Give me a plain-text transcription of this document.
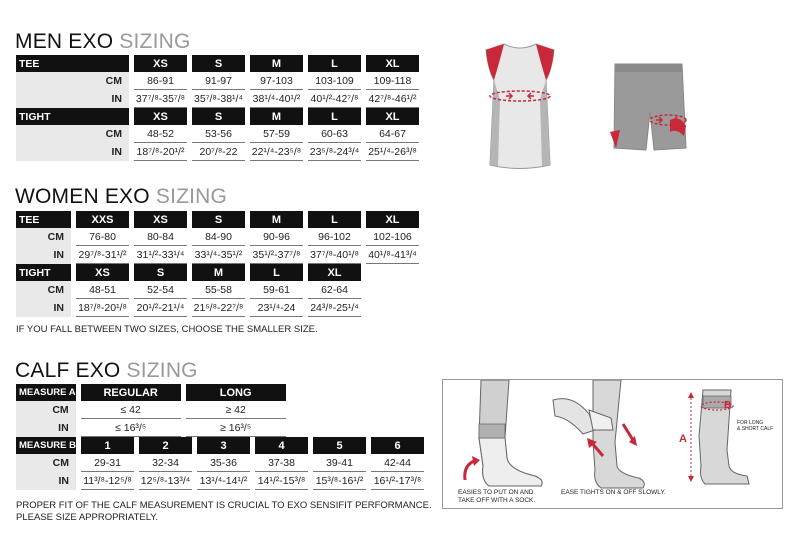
MEN EXO SIZING
TEE	XS	S	M	L	XL
CM	86-91	91-97	97-103	103-109	109-118
IN	37⁷/⁸-35⁷/⁸	35⁷/⁸-38¹/⁴	38¹/⁴-40¹/²	40¹/²-42⁷/⁸	42⁷/⁸-46¹/²
TIGHT	XS	S	M	L	XL
CM	48-52	53-56	57-59	60-63	64-67
IN	18⁷/⁸-20¹/²	20⁷/⁸-22	22¹/⁴-23⁵/⁸	23⁵/⁸-24³/⁴	25¹/⁴-26³/⁸
WOMEN EXO SIZING
TEE	XXS	XS	S	M	L	XL
CM	76-80	80-84	84-90	90-96	96-102	102-106
IN	29⁷/⁸-31¹/²	31¹/²-33¹/⁴	33¹/⁴-35¹/²	35¹/²-37⁷/⁸	37⁷/⁸-40¹/⁸	40¹/⁸-41³/⁴
TIGHT	XS	S	M	L	XL	
CM	48-51	52-54	55-58	59-61	62-64	
IN	18⁷/⁸-20¹/⁸	20¹/²-21¹/⁴	21⁵/⁸-22⁷/⁸	23¹/⁴-24	24³/⁸-25¹/⁴	
IF YOU FALL BETWEEN TWO SIZES, CHOOSE THE SMALLER SIZE.
CALF EXO SIZING
MEASURE A	REGULAR	LONG
CM	≤ 42	≥ 42
IN	≤ 16³/⁵	≥ 16³/⁵
MEASURE B	1	2	3	4	5	6
CM	29-31	32-34	35-36	37-38	39-41	42-44
IN	11³/⁸-12⁵/⁸	12⁵/⁸-13³/⁴	13¹/⁴-14¹/²	14¹/²-15³/⁸	15³/⁸-16¹/²	16¹/²-17³/⁸
PROPER FIT OF THE CALF MEASUREMENT IS CRUCIAL TO EXO SENSIFIT PERFORMANCE.
PLEASE SIZE APPROPRIATELY.
A
B
FOR LONG
& SHORT CALF
EASIES TO PUT ON AND
TAKE OFF WITH A SOCK.
EASE TIGHTS ON & OFF SLOWLY.
